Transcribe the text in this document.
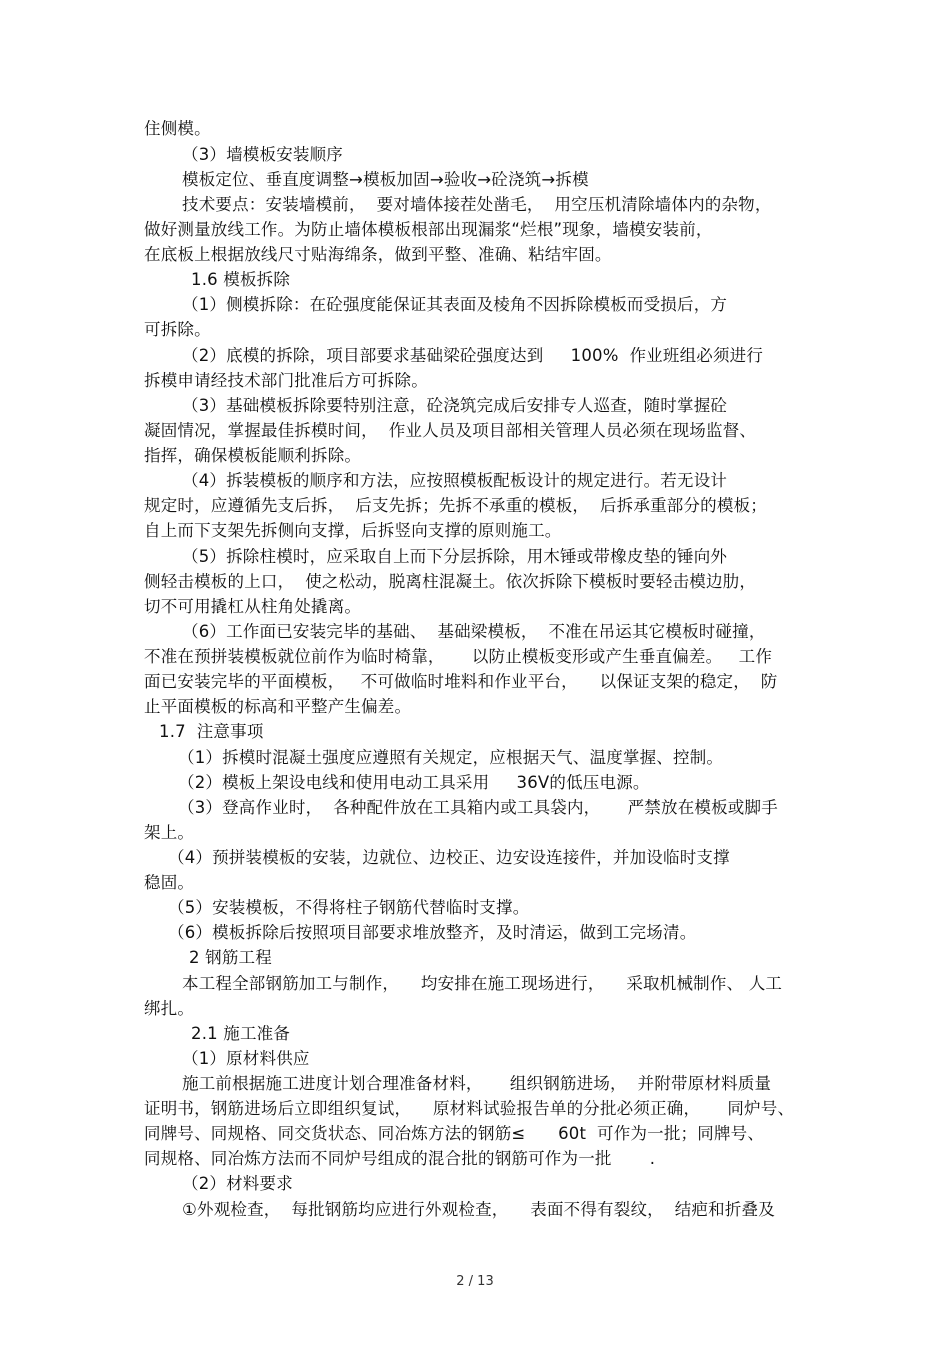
住侧模。
（3）墙模板安装顺序
模板定位、垂直度调整→模板加固→验收→砼浇筑→拆模
技术要点：安装墙模前，  要对墙体接茬处凿毛，  用空压机清除墙体内的杂物，
做好测量放线工作。为防止墙体模板根部出现漏浆“烂根”现象，墙模安装前，
在底板上根据放线尺寸贴海绵条，做到平整、准确、粘结牢固。
1.6 模板拆除
（1）侧模拆除：在砼强度能保证其表面及棱角不因拆除模板而受损后，方
可拆除。
（2）底模的拆除，项目部要求基础梁砼强度达到     100%  作业班组必须进行
拆模申请经技术部门批准后方可拆除。
（3）基础模板拆除要特别注意，砼浇筑完成后安排专人巡查，随时掌握砼
凝固情况，掌握最佳拆模时间，  作业人员及项目部相关管理人员必须在现场监督、
指挥，确保模板能顺利拆除。
（4）拆装模板的顺序和方法，应按照模板配板设计的规定进行。若无设计
规定时，应遵循先支后拆，  后支先拆；先拆不承重的模板，  后拆承重部分的模板；
自上而下支架先拆侧向支撑，后拆竖向支撑的原则施工。
（5）拆除柱模时，应采取自上而下分层拆除，用木锤或带橡皮垫的锤向外
侧轻击模板的上口，  使之松动，脱离柱混凝土。依次拆除下模板时要轻击模边肋，
切不可用撬杠从柱角处撬离。
（6）工作面已安装完毕的基础、  基础梁模板，  不准在吊运其它模板时碰撞，
不准在预拼装模板就位前作为临时椅靠，     以防止模板变形或产生垂直偏差。   工作
面已安装完毕的平面模板，   不可做临时堆料和作业平台，    以保证支架的稳定，  防
止平面模板的标高和平整产生偏差。
1.7  注意事项
（1）拆模时混凝土强度应遵照有关规定，应根据天气、温度掌握、控制。
（2）模板上架设电线和使用电动工具采用     36V的低压电源。
（3）登高作业时，  各种配件放在工具箱内或工具袋内，     严禁放在模板或脚手
架上。
（4）预拼装模板的安装，边就位、边校正、边安设连接件，并加设临时支撑
稳固。
（5）安装模板，不得将柱子钢筋代替临时支撑。
（6）模板拆除后按照项目部要求堆放整齐，及时清运，做到工完场清。
2 钢筋工程
本工程全部钢筋加工与制作，    均安排在施工现场进行，    采取机械制作、 人工
绑扎。
2.1 施工准备
（1）原材料供应
施工前根据施工进度计划合理准备材料，     组织钢筋进场，  并附带原材料质量
证明书，钢筋进场后立即组织复试，    原材料试验报告单的分批必须正确，     同炉号、
同牌号、同规格、同交货状态、同冶炼方法的钢筋≤      60t  可作为一批；同牌号、
同规格、同冶炼方法而不同炉号组成的混合批的钢筋可作为一批       .
（2）材料要求
①外观检查，  每批钢筋均应进行外观检查，    表面不得有裂纹，  结疤和折叠及
2 / 13
